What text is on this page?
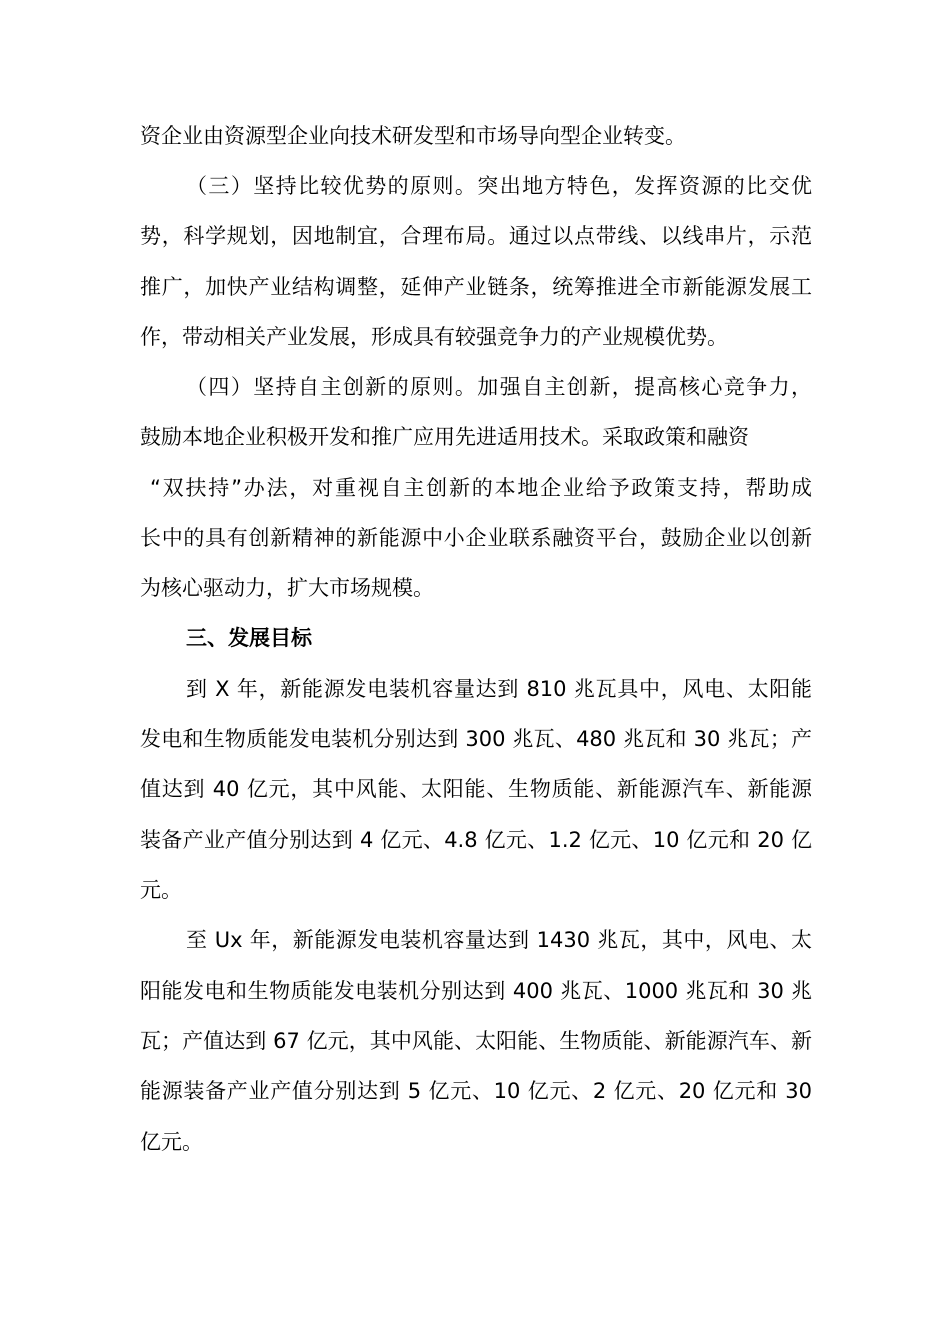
资企业由资源型企业向技术研发型和市场导向型企业转变。
（三）坚持比较优势的原则。突出地方特色，发挥资源的比交优
势，科学规划，因地制宜，合理布局。通过以点带线、以线串片，示范
推广，加快产业结构调整，延伸产业链条，统筹推进全市新能源发展工
作，带动相关产业发展，形成具有较强竞争力的产业规模优势。
（四）坚持自主创新的原则。加强自主创新，提高核心竞争力，
鼓励本地企业积极开发和推广应用先进适用技术。采取政策和融资
“双扶持”办法，对重视自主创新的本地企业给予政策支持，帮助成
长中的具有创新精神的新能源中小企业联系融资平台，鼓励企业以创新
为核心驱动力，扩大市场规模。
三、发展目标
到 X 年，新能源发电装机容量达到 810 兆瓦具中，风电、太阳能
发电和生物质能发电装机分别达到 300 兆瓦、480 兆瓦和 30 兆瓦；产
值达到 40 亿元，其中风能、太阳能、生物质能、新能源汽车、新能源
装备产业产值分别达到 4 亿元、4.8 亿元、1.2 亿元、10 亿元和 20 亿
元。
至 Ux 年，新能源发电装机容量达到 1430 兆瓦，其中，风电、太
阳能发电和生物质能发电装机分别达到 400 兆瓦、1000 兆瓦和 30 兆
瓦；产值达到 67 亿元，其中风能、太阳能、生物质能、新能源汽车、新
能源装备产业产值分别达到 5 亿元、10 亿元、2 亿元、20 亿元和 30
亿元。
